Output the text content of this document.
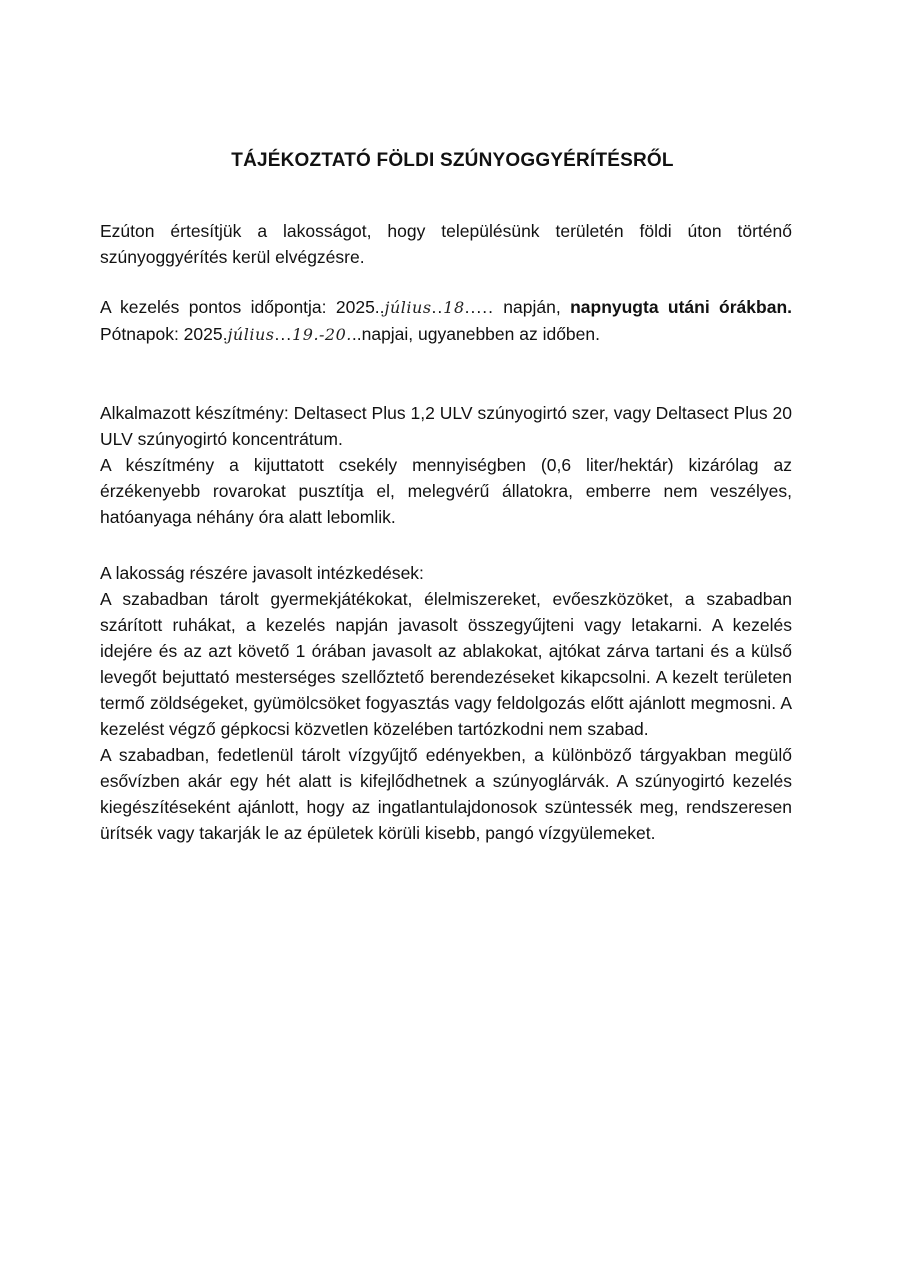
TÁJÉKOZTATÓ FÖLDI SZÚNYOGGYÉRÍTÉSRŐL

Ezúton értesítjük a lakosságot, hogy településünk területén földi úton történő szúnyoggyérítés kerül elvégzésre.

A kezelés pontos időpontja: 2025..július..18..... napján, napnyugta utáni órákban. Pótnapok: 2025.július...19.-20...napjai, ugyanebben az időben.

Alkalmazott készítmény: Deltasect Plus 1,2 ULV szúnyogirtó szer, vagy Deltasect Plus 20 ULV szúnyogirtó koncentrátum.

A készítmény a kijuttatott csekély mennyiségben (0,6 liter/hektár) kizárólag az érzékenyebb rovarokat pusztítja el, melegvérű állatokra, emberre nem veszélyes, hatóanyaga néhány óra alatt lebomlik.

A lakosság részére javasolt intézkedések:

A szabadban tárolt gyermekjátékokat, élelmiszereket, evőeszközöket, a szabadban szárított ruhákat, a kezelés napján javasolt összegyűjteni vagy letakarni. A kezelés idejére és az azt követő 1 órában javasolt az ablakokat, ajtókat zárva tartani és a külső levegőt bejuttató mesterséges szellőztető berendezéseket kikapcsolni. A kezelt területen termő zöldségeket, gyümölcsöket fogyasztás vagy feldolgozás előtt ajánlott megmosni. A kezelést végző gépkocsi közvetlen közelében tartózkodni nem szabad.

A szabadban, fedetlenül tárolt vízgyűjtő edényekben, a különböző tárgyakban megülő esővízben akár egy hét alatt is kifejlődhetnek a szúnyoglárvák. A szúnyogirtó kezelés kiegészítéseként ajánlott, hogy az ingatlantulajdonosok szüntessék meg, rendszeresen ürítsék vagy takarják le az épületek körüli kisebb, pangó vízgyülemeket.
